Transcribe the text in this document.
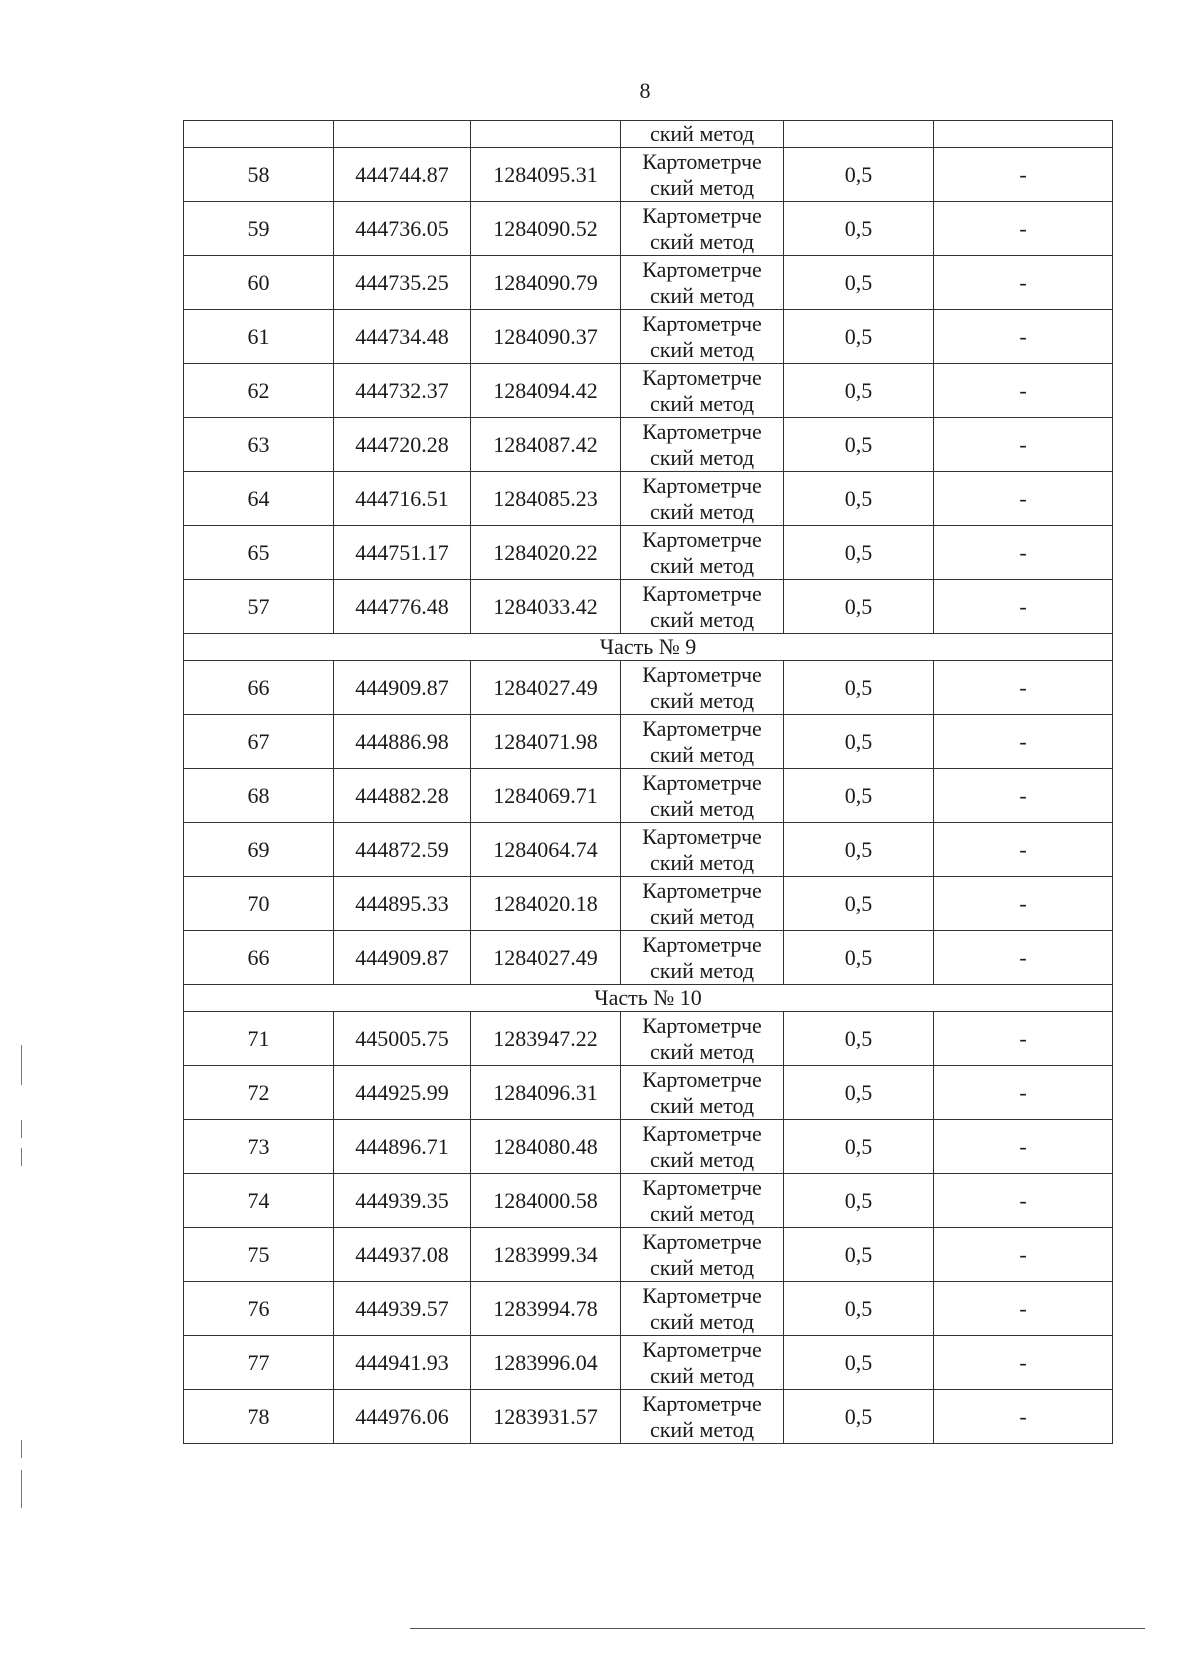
8
			ский метод		
58	444744.87	1284095.31	Картометрче
ский метод	0,5	-
59	444736.05	1284090.52	Картометрче
ский метод	0,5	-
60	444735.25	1284090.79	Картометрче
ский метод	0,5	-
61	444734.48	1284090.37	Картометрче
ский метод	0,5	-
62	444732.37	1284094.42	Картометрче
ский метод	0,5	-
63	444720.28	1284087.42	Картометрче
ский метод	0,5	-
64	444716.51	1284085.23	Картометрче
ский метод	0,5	-
65	444751.17	1284020.22	Картометрче
ский метод	0,5	-
57	444776.48	1284033.42	Картометрче
ский метод	0,5	-
Часть № 9					
66	444909.87	1284027.49	Картометрче
ский метод	0,5	-
67	444886.98	1284071.98	Картометрче
ский метод	0,5	-
68	444882.28	1284069.71	Картометрче
ский метод	0,5	-
69	444872.59	1284064.74	Картометрче
ский метод	0,5	-
70	444895.33	1284020.18	Картометрче
ский метод	0,5	-
66	444909.87	1284027.49	Картометрче
ский метод	0,5	-
Часть № 10					
71	445005.75	1283947.22	Картометрче
ский метод	0,5	-
72	444925.99	1284096.31	Картометрче
ский метод	0,5	-
73	444896.71	1284080.48	Картометрче
ский метод	0,5	-
74	444939.35	1284000.58	Картометрче
ский метод	0,5	-
75	444937.08	1283999.34	Картометрче
ский метод	0,5	-
76	444939.57	1283994.78	Картометрче
ский метод	0,5	-
77	444941.93	1283996.04	Картометрче
ский метод	0,5	-
78	444976.06	1283931.57	Картометрче
ский метод	0,5	-
